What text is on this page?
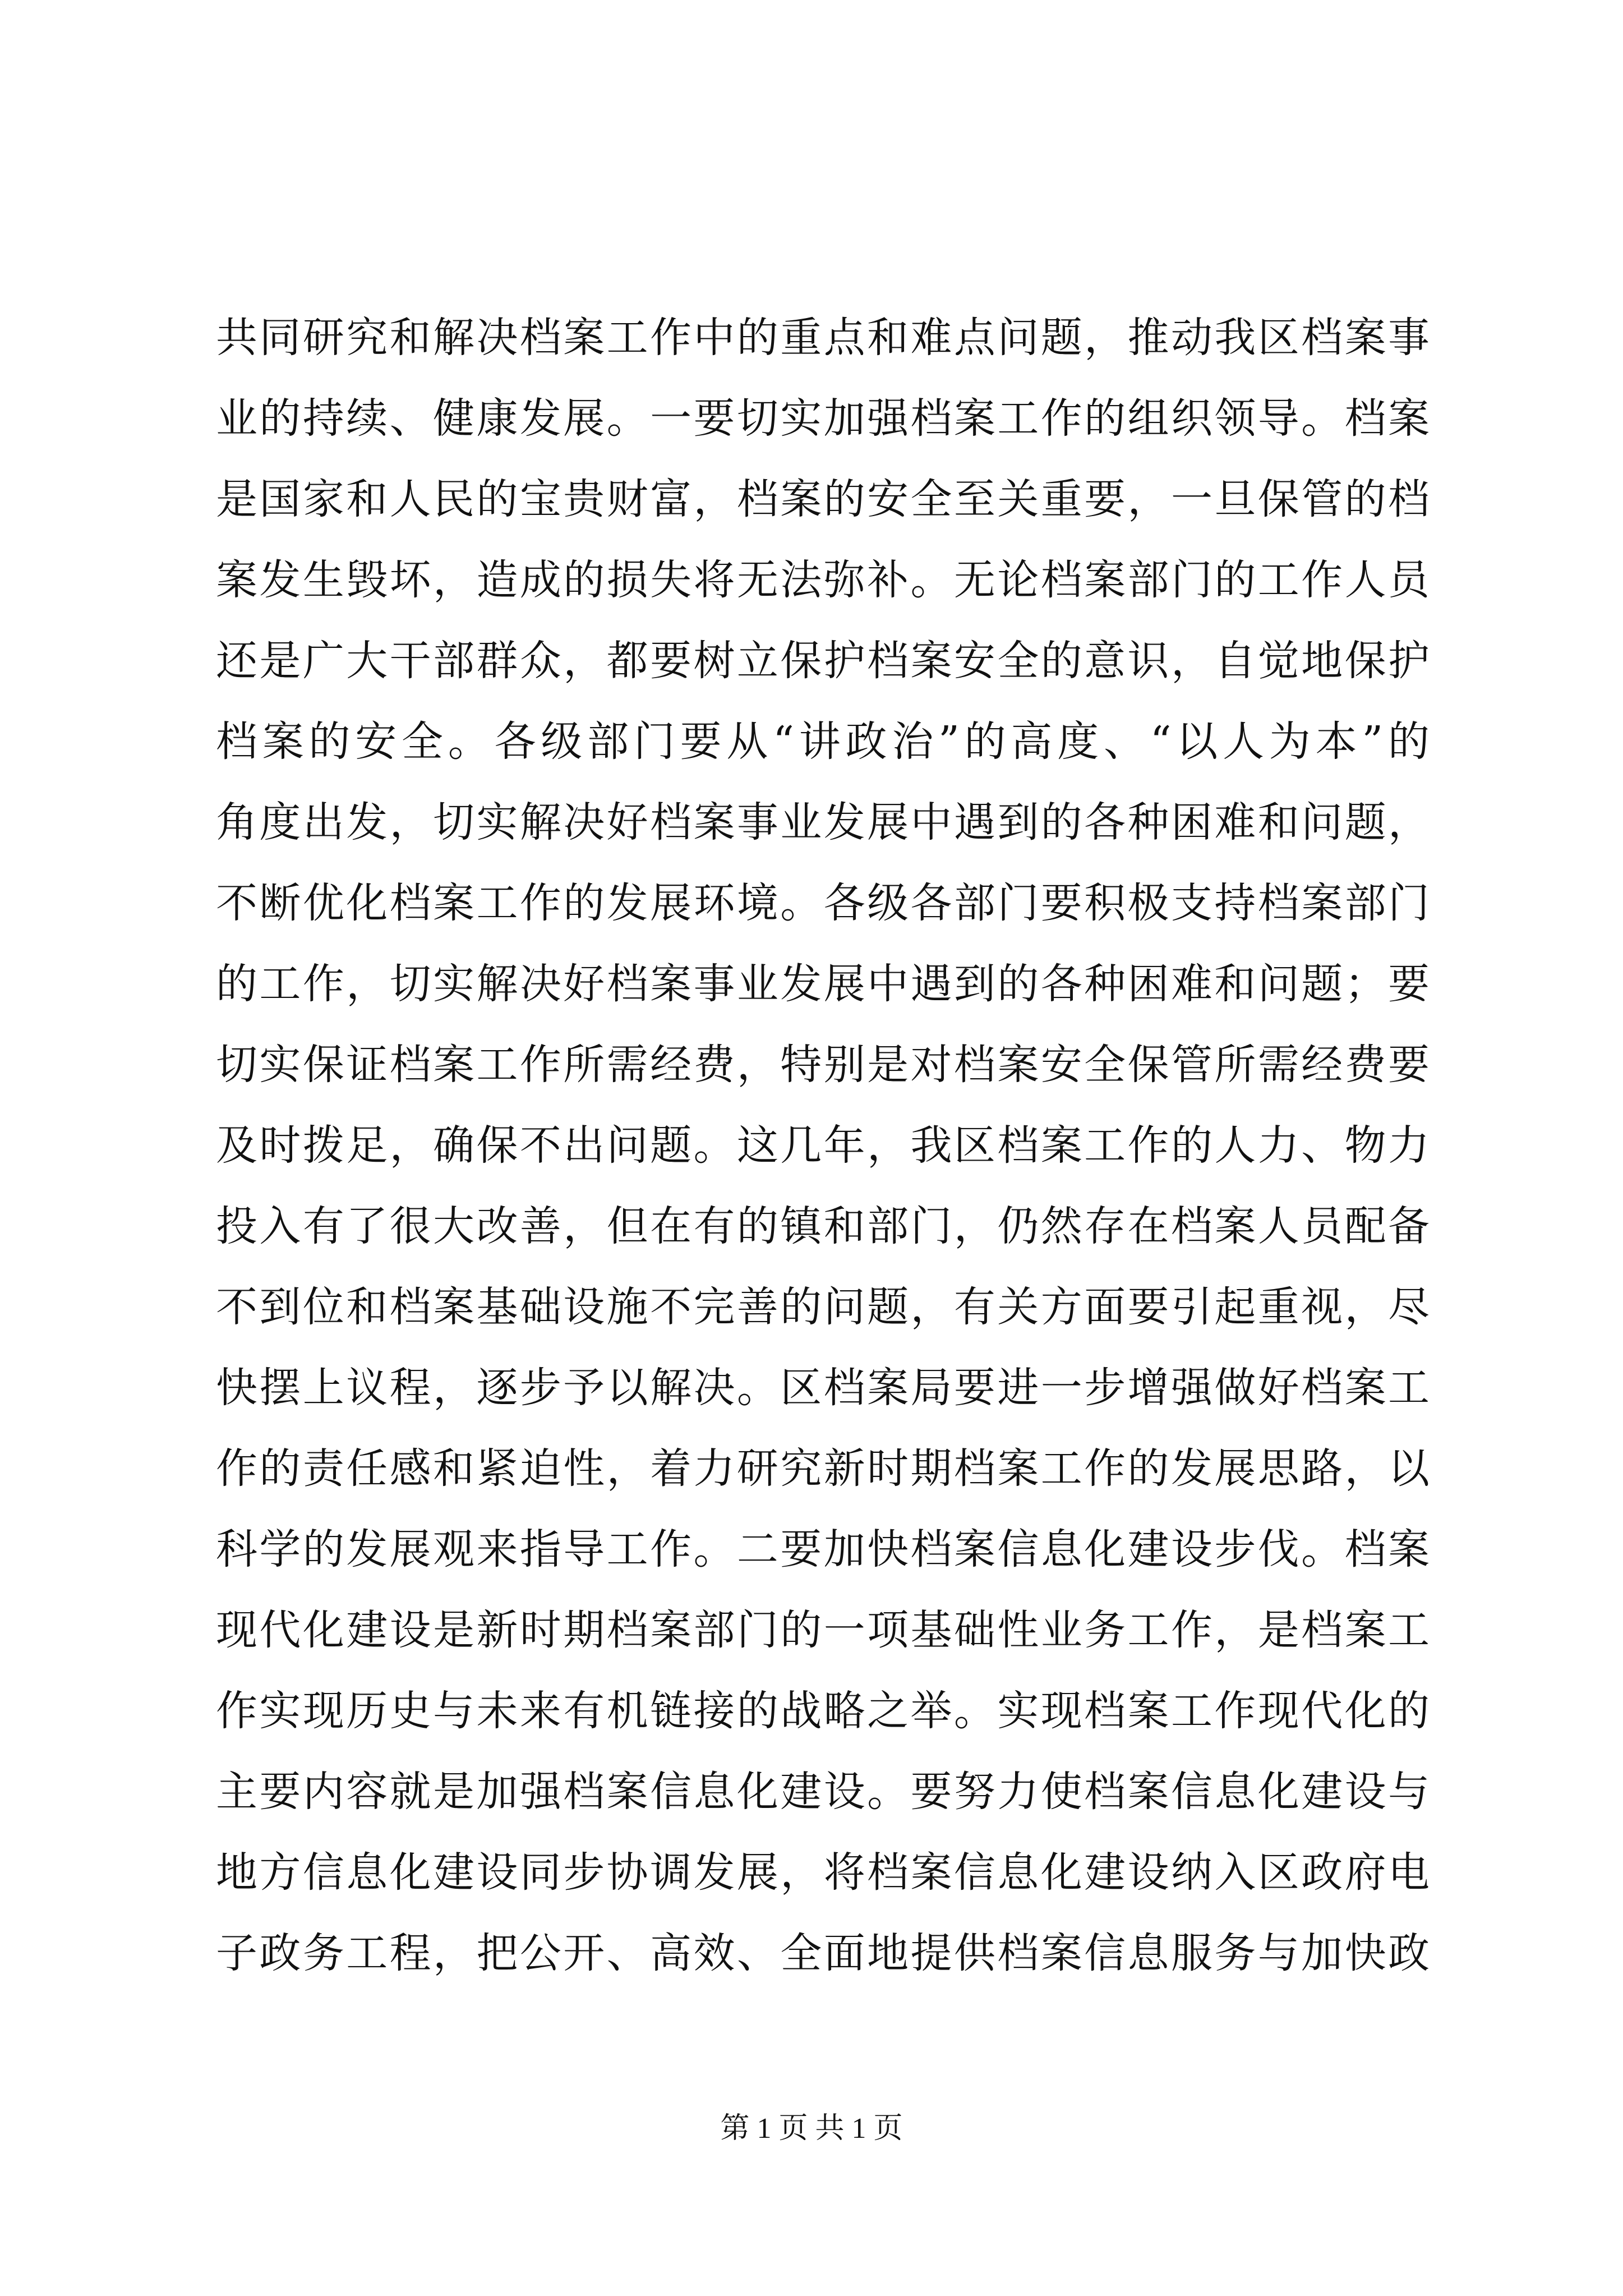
共同研究和解决档案工作中的重点和难点问题，推动我区档案事
业的持续、健康发展。一要切实加强档案工作的组织领导。档案
是国家和人民的宝贵财富，档案的安全至关重要，一旦保管的档
案发生毁坏，造成的损失将无法弥补。无论档案部门的工作人员
还是广大干部群众，都要树立保护档案安全的意识，自觉地保护
档案的安全。各级部门要从“讲政治”的高度、“以人为本”的
角度出发，切实解决好档案事业发展中遇到的各种困难和问题，
不断优化档案工作的发展环境。各级各部门要积极支持档案部门
的工作，切实解决好档案事业发展中遇到的各种困难和问题；要
切实保证档案工作所需经费，特别是对档案安全保管所需经费要
及时拨足，确保不出问题。这几年，我区档案工作的人力、物力
投入有了很大改善，但在有的镇和部门，仍然存在档案人员配备
不到位和档案基础设施不完善的问题，有关方面要引起重视，尽
快摆上议程，逐步予以解决。区档案局要进一步增强做好档案工
作的责任感和紧迫性，着力研究新时期档案工作的发展思路，以
科学的发展观来指导工作。二要加快档案信息化建设步伐。档案
现代化建设是新时期档案部门的一项基础性业务工作，是档案工
作实现历史与未来有机链接的战略之举。实现档案工作现代化的
主要内容就是加强档案信息化建设。要努力使档案信息化建设与
地方信息化建设同步协调发展，将档案信息化建设纳入区政府电
子政务工程，把公开、高效、全面地提供档案信息服务与加快政
第 1 页 共 1 页
